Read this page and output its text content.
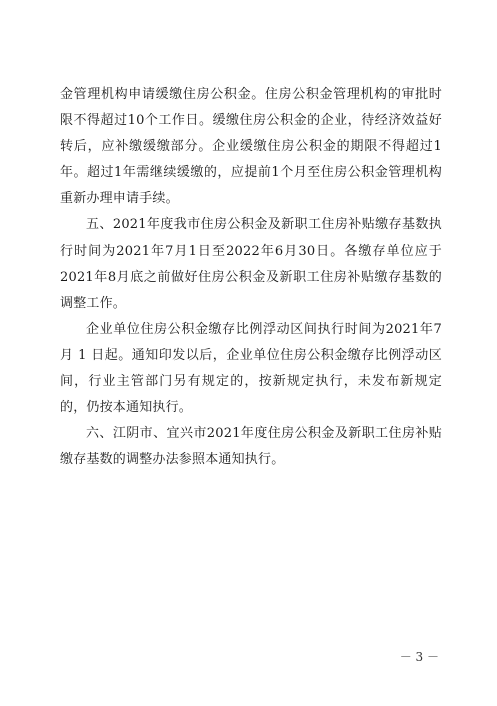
金管理机构申请缓缴住房公积金。住房公积金管理机构的审批时限不得超过10个工作日。缓缴住房公积金的企业，待经济效益好转后，应补缴缓缴部分。企业缓缴住房公积金的期限不得超过1年。超过1年需继续缓缴的，应提前1个月至住房公积金管理机构重新办理申请手续。

五、2021年度我市住房公积金及新职工住房补贴缴存基数执行时间为2021年7月1日至2022年6月30日。各缴存单位应于2021年8月底之前做好住房公积金及新职工住房补贴缴存基数的调整工作。

企业单位住房公积金缴存比例浮动区间执行时间为2021年7月 1 日起。通知印发以后，企业单位住房公积金缴存比例浮动区间，行业主管部门另有规定的，按新规定执行，未发布新规定的，仍按本通知执行。

六、江阴市、宜兴市2021年度住房公积金及新职工住房补贴缴存基数的调整办法参照本通知执行。

－ 3 －
